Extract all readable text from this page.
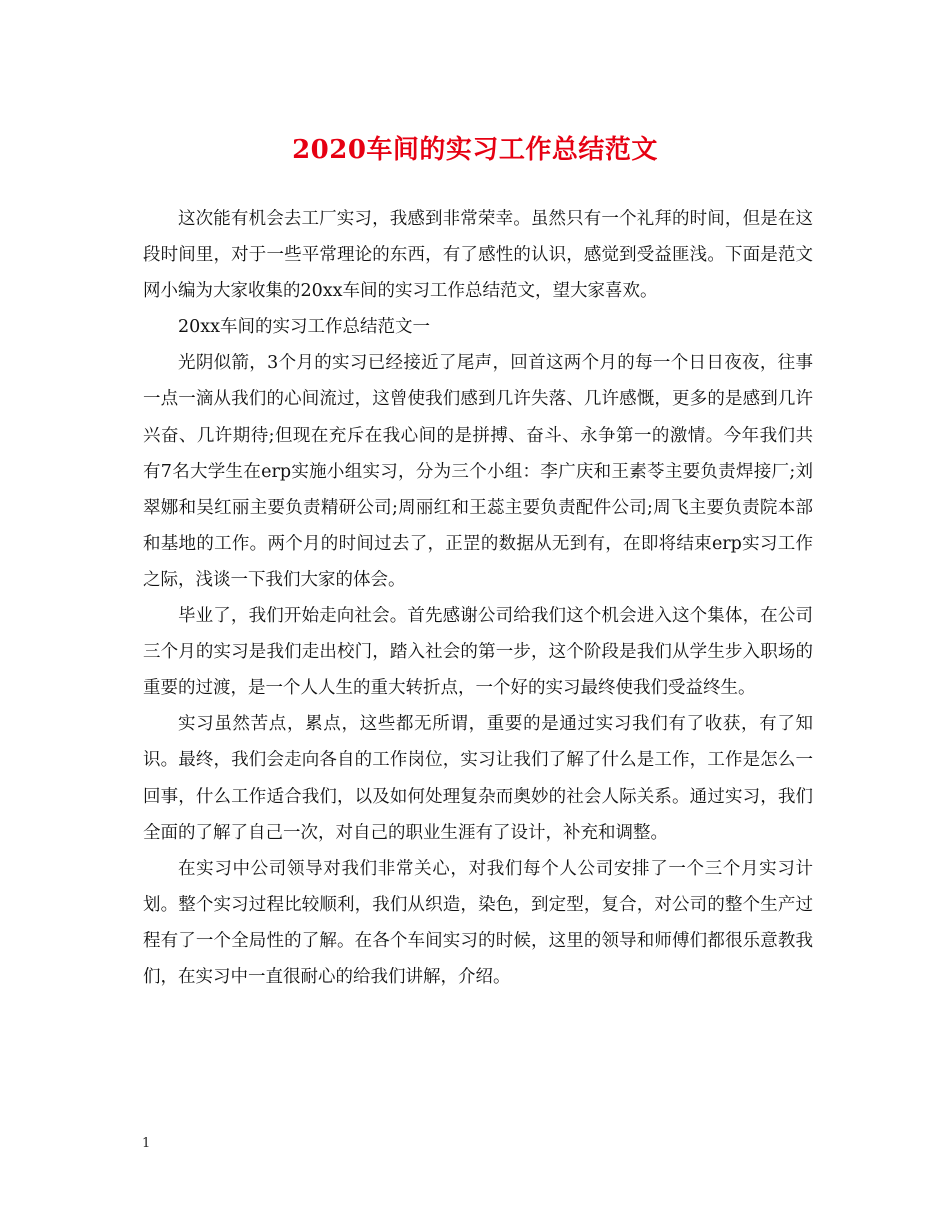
2020车间的实习工作总结范文

这次能有机会去工厂实习，我感到非常荣幸。虽然只有一个礼拜的时间，但是在这段时间里，对于一些平常理论的东西，有了感性的认识，感觉到受益匪浅。下面是范文网小编为大家收集的20xx车间的实习工作总结范文，望大家喜欢。

20xx车间的实习工作总结范文一

光阴似箭，3个月的实习已经接近了尾声，回首这两个月的每一个日日夜夜，往事一点一滴从我们的心间流过，这曾使我们感到几许失落、几许感慨，更多的是感到几许兴奋、几许期待;但现在充斥在我心间的是拼搏、奋斗、永争第一的激情。今年我们共有7名大学生在erp实施小组实习，分为三个小组：李广庆和王素苓主要负责焊接厂;刘翠娜和吴红丽主要负责精研公司;周丽红和王蕊主要负责配件公司;周飞主要负责院本部和基地的工作。两个月的时间过去了，正罡的数据从无到有，在即将结束erp实习工作之际，浅谈一下我们大家的体会。

毕业了，我们开始走向社会。首先感谢公司给我们这个机会进入这个集体，在公司三个月的实习是我们走出校门，踏入社会的第一步，这个阶段是我们从学生步入职场的重要的过渡，是一个人人生的重大转折点，一个好的实习最终使我们受益终生。

实习虽然苦点，累点，这些都无所谓，重要的是通过实习我们有了收获，有了知识。最终，我们会走向各自的工作岗位，实习让我们了解了什么是工作，工作是怎么一回事，什么工作适合我们，以及如何处理复杂而奥妙的社会人际关系。通过实习，我们全面的了解了自己一次，对自己的职业生涯有了设计，补充和调整。

在实习中公司领导对我们非常关心，对我们每个人公司安排了一个三个月实习计划。整个实习过程比较顺利，我们从织造，染色，到定型，复合，对公司的整个生产过程有了一个全局性的了解。在各个车间实习的时候，这里的领导和师傅们都很乐意教我们，在实习中一直很耐心的给我们讲解，介绍。

1
